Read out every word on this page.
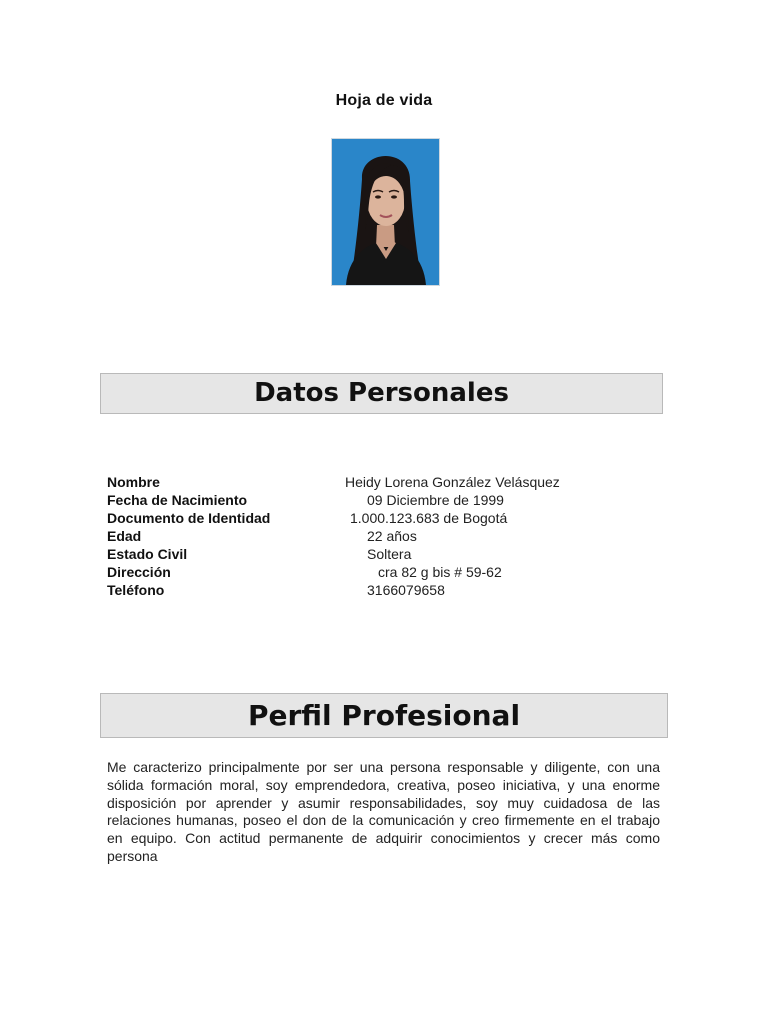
Hoja de vida
Datos Personales
Nombre	Heidy Lorena González Velásquez
Fecha de Nacimiento	09 Diciembre de 1999
Documento de Identidad	1.000.123.683 de Bogotá
Edad	22 años
Estado Civil	Soltera
Dirección	cra 82 g bis # 59-62
Teléfono	3166079658
Perfil Profesional

Me caracterizo principalmente por ser una persona responsable y diligente, con una sólida formación moral, soy emprendedora, creativa, poseo iniciativa, y una enorme disposición por aprender y asumir responsabilidades, soy muy cuidadosa de las relaciones humanas, poseo el don de la comunicación y creo firmemente en el trabajo en equipo. Con actitud permanente de adquirir conocimientos y crecer más como persona
